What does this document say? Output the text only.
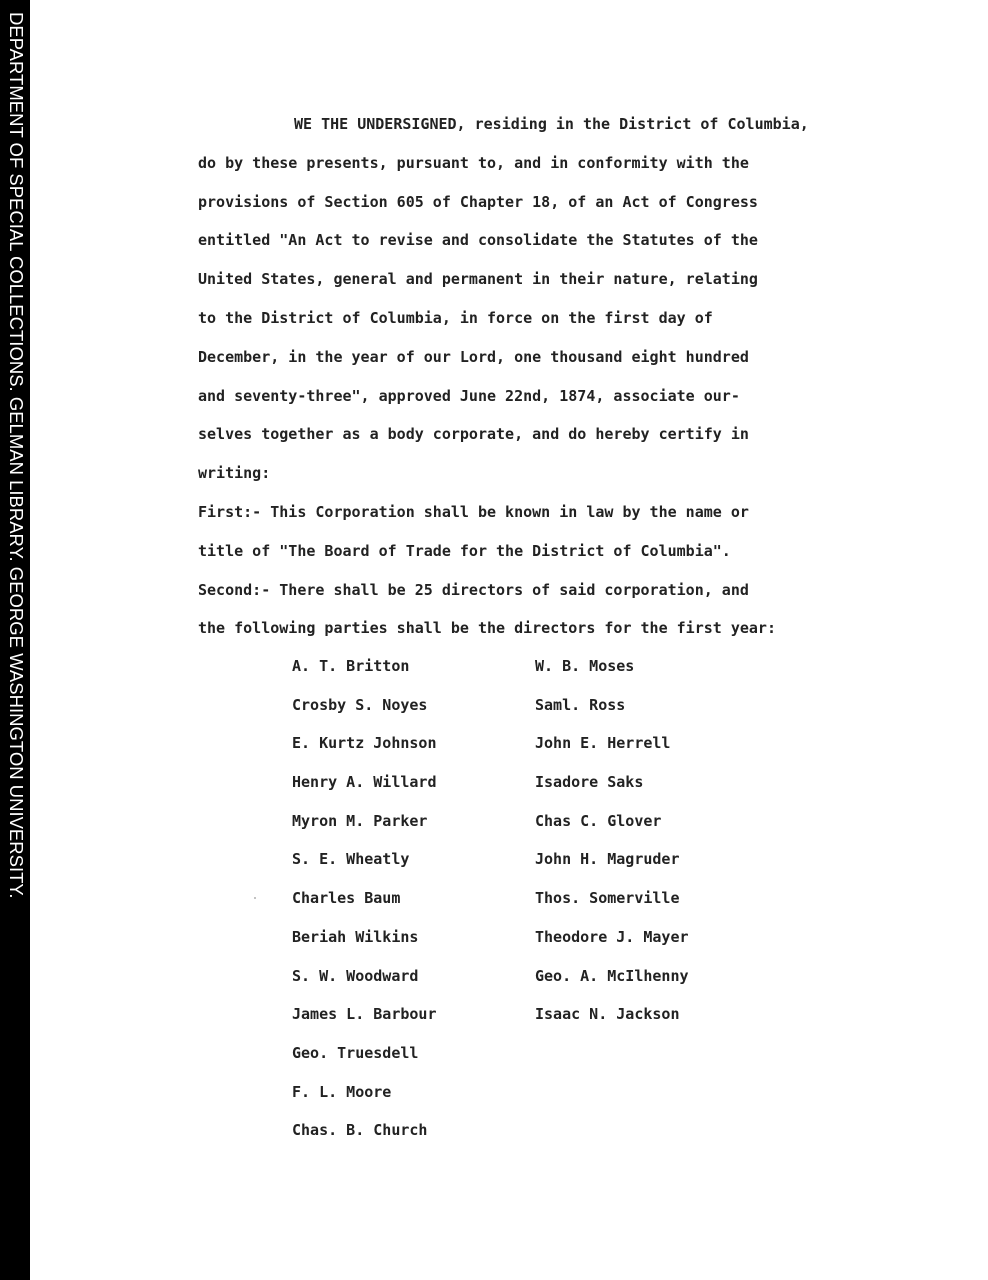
DEPARTMENT OF SPECIAL COLLECTIONS. GELMAN LIBRARY. GEORGE WASHINGTON UNIVERSITY.	WE THE UNDERSIGNED, residing in the District of Columbia,
do by these presents, pursuant to, and in conformity with the
provisions of Section 605 of Chapter 18, of an Act of Congress
entitled "An Act to revise and consolidate the Statutes of the
United States, general and permanent in their nature, relating
to the District of Columbia, in force on the first day of
December, in the year of our Lord, one thousand eight hundred
and seventy-three", approved June 22nd, 1874, associate our-
selves together as a body corporate, and do hereby certify in
writing:
First:- This Corporation shall be known in law by the name or
title of "The Board of Trade for the District of Columbia".
Second:- There shall be 25 directors of said corporation, and
the following parties shall be the directors for the first year:
A. T. Britton	W. B. Moses
Crosby S. Noyes	Saml. Ross
E. Kurtz Johnson	John E. Herrell
Henry A. Willard	Isadore Saks
Myron M. Parker	Chas C. Glover
S. E. Wheatly	John H. Magruder
Charles Baum	Thos. Somerville
Beriah Wilkins	Theodore J. Mayer
S. W. Woodward	Geo. A. McIlhenny
James L. Barbour	Isaac N. Jackson
Geo. Truesdell
F. L. Moore
Chas. B. Church
